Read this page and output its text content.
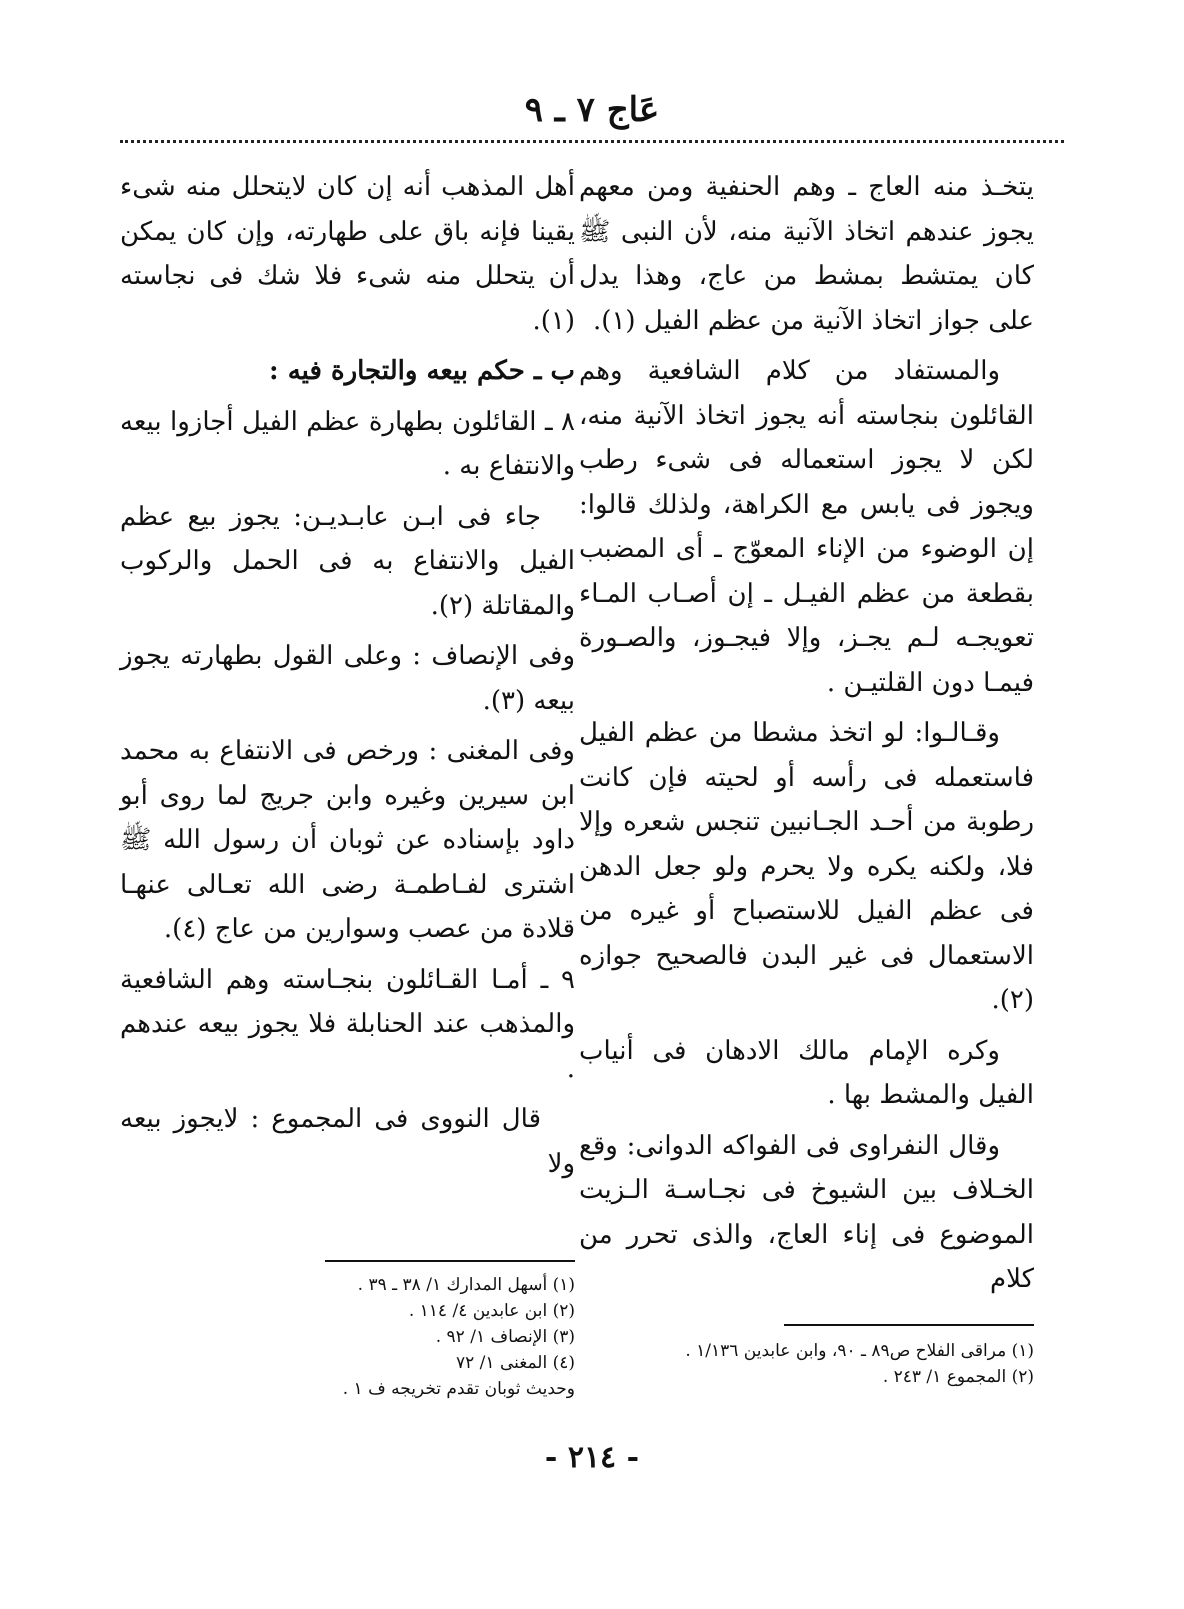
عَاج ٧ ـ ٩

يتخـذ منه العاج ـ وهم الحنفية ومن معهم يجوز عندهم اتخاذ الآنية منه، لأن النبى ﷺ كان يمتشط بمشط من عاج، وهذا يدل على جواز اتخاذ الآنية من عظم الفيل (١).

والمستفاد من كلام الشافعية وهم القائلون بنجاسته أنه يجوز اتخاذ الآنية منه، لكن لا يجوز استعماله فى شىء رطب ويجوز فى يابس مع الكراهة، ولذلك قالوا: إن الوضوء من الإناء المعوّج ـ أى المضبب بقطعة من عظم الفيـل ـ إن أصـاب المـاء تعويجـه لـم يجـز، وإلا فيجـوز، والصـورة فيمـا دون القلتيـن .

وقـالـوا: لو اتخذ مشطا من عظم الفيل فاستعمله فى رأسه أو لحيته فإن كانت رطوبة من أحـد الجـانبين تنجس شعره وإلا فلا، ولكنه يكره ولا يحرم ولو جعل الدهن فى عظم الفيل للاستصباح أو غيره من الاستعمال فى غير البدن فالصحيح جوازه (٢).

وكره الإمام مالك الادهان فى أنياب الفيل والمشط بها .

وقال النفراوى فى الفواكه الدوانى: وقع الخـلاف بين الشيوخ فى نجـاسـة الـزيت الموضوع فى إناء العاج، والذى تحرر من كلام

أهل المذهب أنه إن كان لايتحلل منه شىء يقينا فإنه باق على طهارته، وإن كان يمكن أن يتحلل منه شىء فلا شك فى نجاسته (١).

ب ـ حكم بيعه والتجارة فيه :

٨ ـ القائلون بطهارة عظم الفيل أجازوا بيعه والانتفاع به .

جاء فى ابـن عابـديـن: يجوز بيع عظم الفيل والانتفاع به فى الحمل والركوب والمقاتلة (٢).

وفى الإنصاف : وعلى القول بطهارته يجوز بيعه (٣).

وفى المغنى : ورخص فى الانتفاع به محمد ابن سيرين وغيره وابن جريج لما روى أبو داود بإسناده عن ثوبان أن رسول الله ﷺ اشترى لفـاطمـة رضى الله تعـالى عنهـا قلادة من عصب وسوارين من عاج (٤).

٩ ـ أمـا القـائلون بنجـاسته وهم الشافعية والمذهب عند الحنابلة فلا يجوز بيعه عندهم .

قال النووى فى المجموع : لايجوز بيعه ولا

(١) مراقى الفلاح ص٨٩ ـ ٩٠، وابن عابدين ١/١٣٦ .

(٢) المجموع ١/ ٢٤٣ .

(١) أسهل المدارك ١/ ٣٨ ـ ٣٩ .

(٢) ابن عابدين ٤/ ١١٤ .

(٣) الإنصاف ١/ ٩٢ .

(٤) المغنى ١/ ٧٢

وحديث ثوبان تقدم تخريجه ف ١ .

- ٢١٤ -
